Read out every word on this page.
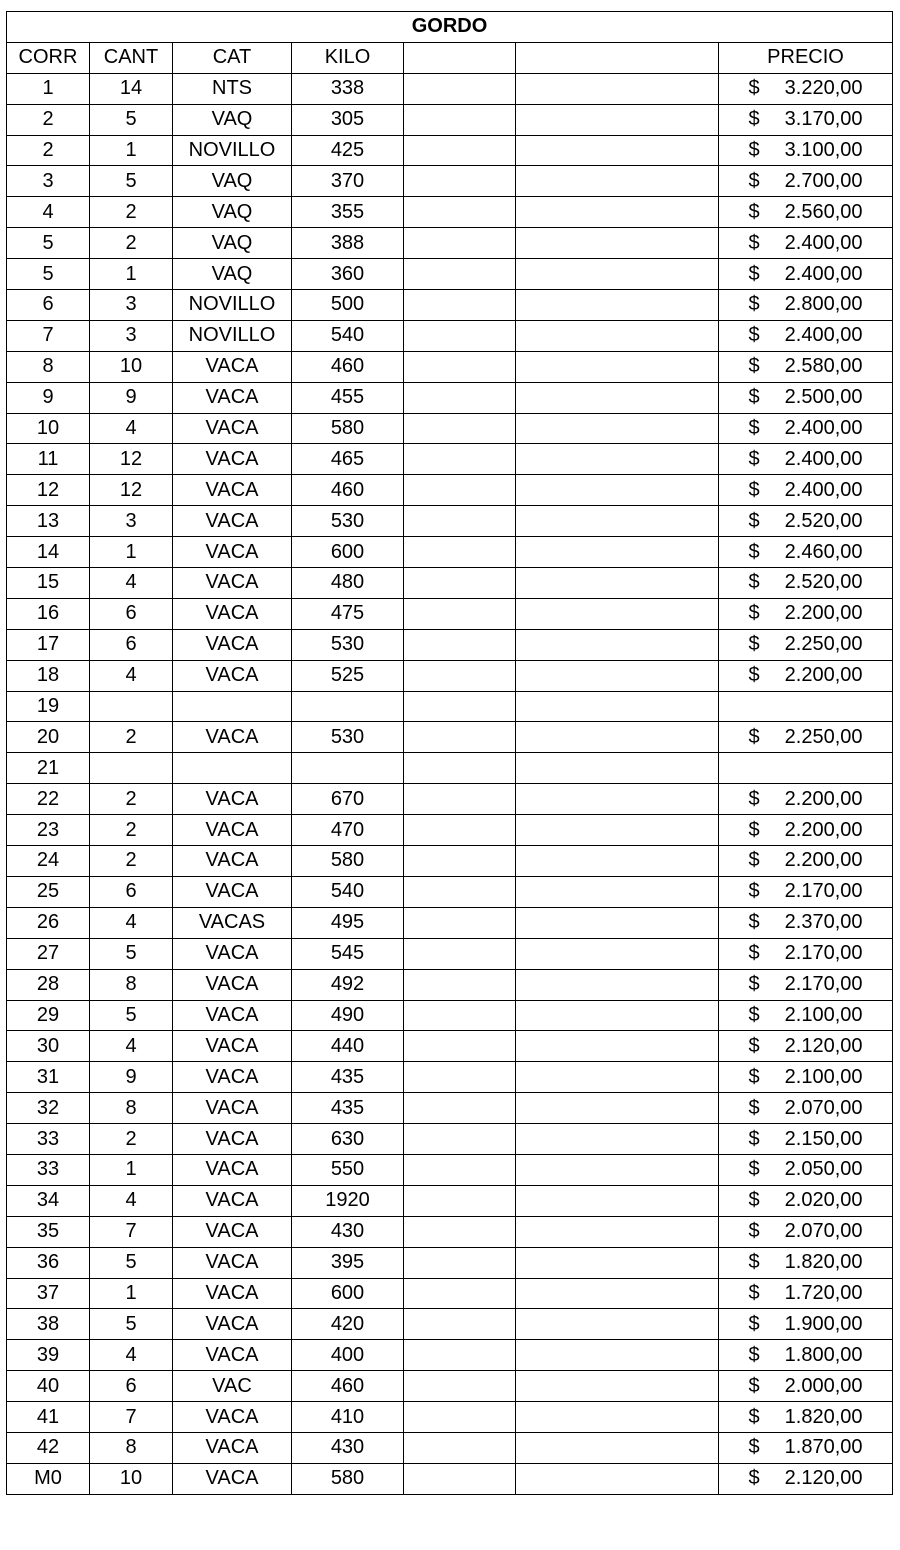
GORDO						
CORR	CANT	CAT	KILO			PRECIO
1	14	NTS	338			$ 3.220,00
2	5	VAQ	305			$ 3.170,00
2	1	NOVILLO	425			$ 3.100,00
3	5	VAQ	370			$ 2.700,00
4	2	VAQ	355			$ 2.560,00
5	2	VAQ	388			$ 2.400,00
5	1	VAQ	360			$ 2.400,00
6	3	NOVILLO	500			$ 2.800,00
7	3	NOVILLO	540			$ 2.400,00
8	10	VACA	460			$ 2.580,00
9	9	VACA	455			$ 2.500,00
10	4	VACA	580			$ 2.400,00
11	12	VACA	465			$ 2.400,00
12	12	VACA	460			$ 2.400,00
13	3	VACA	530			$ 2.520,00
14	1	VACA	600			$ 2.460,00
15	4	VACA	480			$ 2.520,00
16	6	VACA	475			$ 2.200,00
17	6	VACA	530			$ 2.250,00
18	4	VACA	525			$ 2.200,00
19						
20	2	VACA	530			$ 2.250,00
21						
22	2	VACA	670			$ 2.200,00
23	2	VACA	470			$ 2.200,00
24	2	VACA	580			$ 2.200,00
25	6	VACA	540			$ 2.170,00
26	4	VACAS	495			$ 2.370,00
27	5	VACA	545			$ 2.170,00
28	8	VACA	492			$ 2.170,00
29	5	VACA	490			$ 2.100,00
30	4	VACA	440			$ 2.120,00
31	9	VACA	435			$ 2.100,00
32	8	VACA	435			$ 2.070,00
33	2	VACA	630			$ 2.150,00
33	1	VACA	550			$ 2.050,00
34	4	VACA	1920			$ 2.020,00
35	7	VACA	430			$ 2.070,00
36	5	VACA	395			$ 1.820,00
37	1	VACA	600			$ 1.720,00
38	5	VACA	420			$ 1.900,00
39	4	VACA	400			$ 1.800,00
40	6	VAC	460			$ 2.000,00
41	7	VACA	410			$ 1.820,00
42	8	VACA	430			$ 1.870,00
M0	10	VACA	580			$ 2.120,00
